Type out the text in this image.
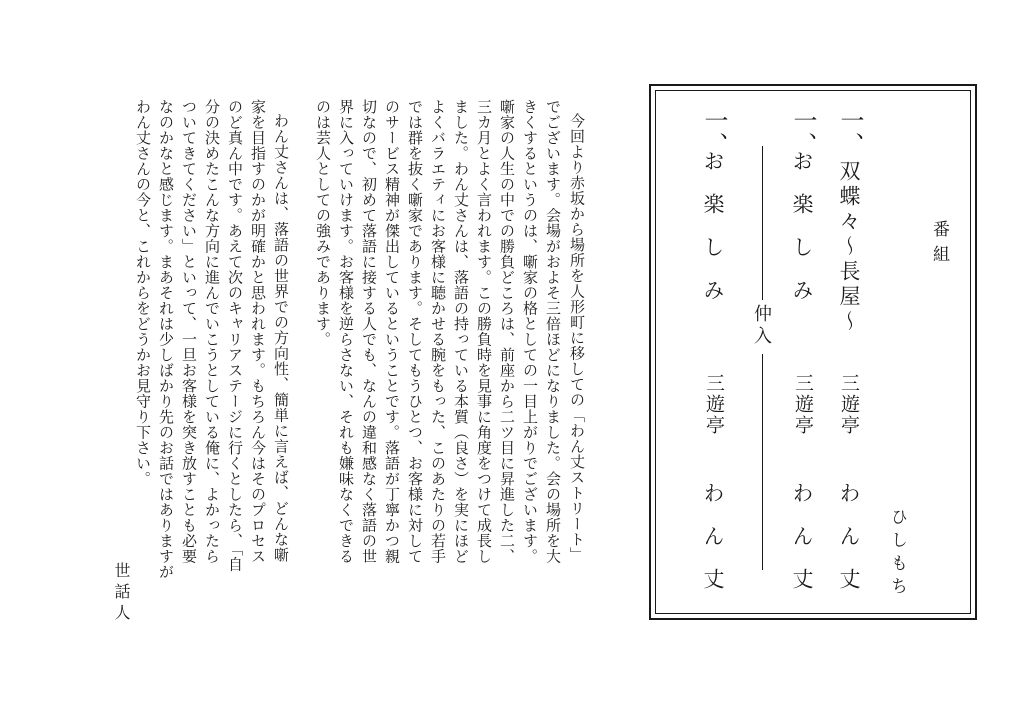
今回より赤坂から場所を人形町に移しての「わん丈ストリート」
でございます。会場がおよそ三倍ほどになりました。会の場所を大
きくするというのは、噺家の格としての一目上がりでございます。
噺家の人生の中での勝負どころは、前座から二ツ目に昇進した二、
三カ月とよく言われます。この勝負時を見事に角度をつけて成長し
ました。わん丈さんは、落語の持っている本質（良さ）を実にほど
よくバラエティにお客様に聴かせる腕をもった、このあたりの若手
では群を抜く噺家であります。そしてもうひとつ、お客様に対して
のサービス精神が傑出しているということです。落語が丁寧かつ親
切なので、初めて落語に接する人でも、なんの違和感なく落語の世
界に入っていけます。お客様を逆らさない、それも嫌味なくできる
のは芸人としての強みであります。
わん丈さんは、落語の世界での方向性、簡単に言えば、どんな噺
家を目指すのかが明確かと思われます。もちろん今はそのプロセス
のど真ん中です。あえて次のキャリアステージに行くとしたら、「自
分の決めたこんな方向に進んでいこうとしている俺に、よかったら
ついてきてください」といって、一旦お客様を突き放すことも必要
なのかなと感じます。まあそれは少しばかり先のお話ではありますが
わん丈さんの今と、これからをどうかお見守り下さい。
世話人
番組
ひしもち
一、
双蝶々〜長屋〜
三遊亭
わん丈
一、
お楽しみ
三遊亭
わん丈
仲入
一、
お楽しみ
三遊亭
わん丈
